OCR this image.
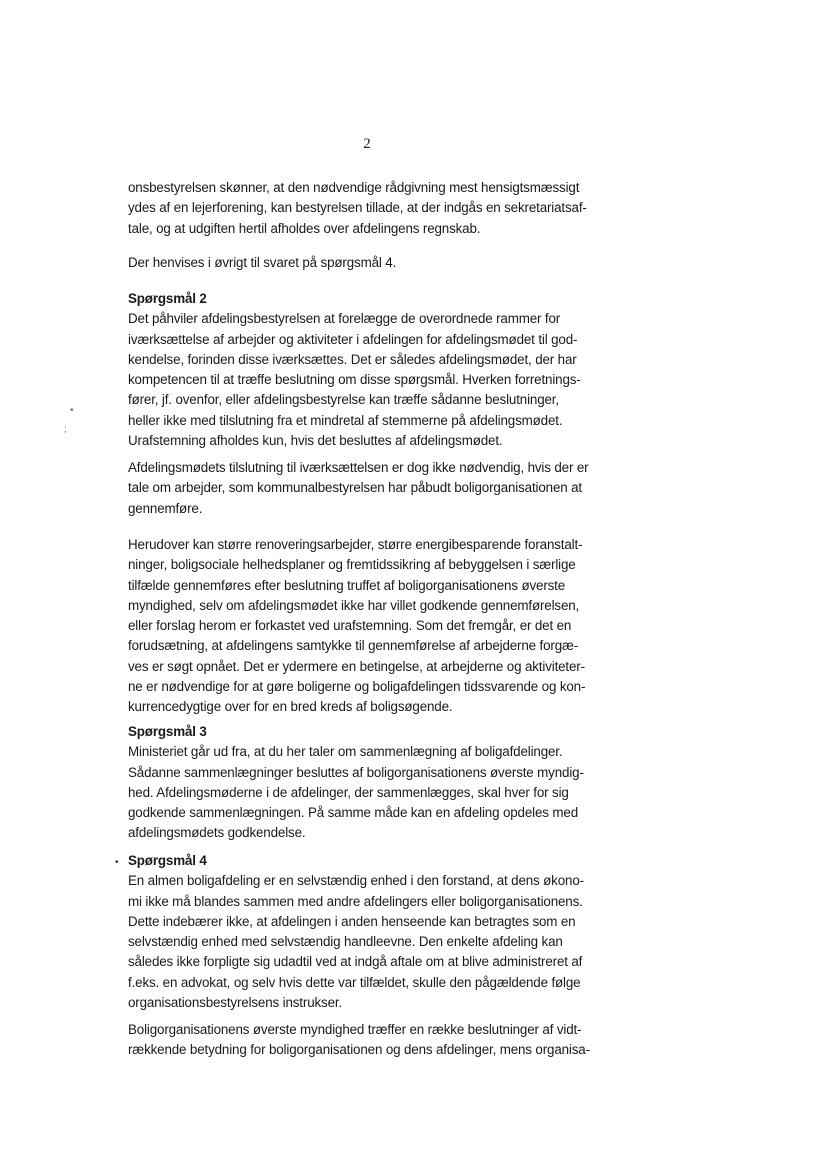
2
onsbestyrelsen skønner, at den nødvendige rådgivning mest hensigtsmæssigt
ydes af en lejerforening, kan bestyrelsen tillade, at der indgås en sekretariatsaf-
tale, og at udgiften hertil afholdes over afdelingens regnskab.
Der henvises i øvrigt til svaret på spørgsmål 4.
Spørgsmål 2
Det påhviler afdelingsbestyrelsen at forelægge de overordnede rammer for
iværksættelse af arbejder og aktiviteter i afdelingen for afdelingsmødet til god-
kendelse, forinden disse iværksættes. Det er således afdelingsmødet, der har
kompetencen til at træffe beslutning om disse spørgsmål. Hverken forretnings-
fører, jf. ovenfor, eller afdelingsbestyrelse kan træffe sådanne beslutninger,
heller ikke med tilslutning fra et mindretal af stemmerne på afdelingsmødet.
Urafstemning afholdes kun, hvis det besluttes af afdelingsmødet.
Afdelingsmødets tilslutning til iværksættelsen er dog ikke nødvendig, hvis der er
tale om arbejder, som kommunalbestyrelsen har påbudt boligorganisationen at
gennemføre.
Herudover kan større renoveringsarbejder, større energibesparende foranstalt-
ninger, boligsociale helhedsplaner og fremtidssikring af bebyggelsen i særlige
tilfælde gennemføres efter beslutning truffet af boligorganisationens øverste
myndighed, selv om afdelingsmødet ikke har villet godkende gennemførelsen,
eller forslag herom er forkastet ved urafstemning. Som det fremgår, er det en
forudsætning, at afdelingens samtykke til gennemførelse af arbejderne forgæ-
ves er søgt opnået. Det er ydermere en betingelse, at arbejderne og aktiviteter-
ne er nødvendige for at gøre boligerne og boligafdelingen tidssvarende og kon-
kurrencedygtige over for en bred kreds af boligsøgende.
Spørgsmål 3
Ministeriet går ud fra, at du her taler om sammenlægning af boligafdelinger.
Sådanne sammenlægninger besluttes af boligorganisationens øverste myndig-
hed. Afdelingsmøderne i de afdelinger, der sammenlægges, skal hver for sig
godkende sammenlægningen. På samme måde kan en afdeling opdeles med
afdelingsmødets godkendelse.
Spørgsmål 4
En almen boligafdeling er en selvstændig enhed i den forstand, at dens økono-
mi ikke må blandes sammen med andre afdelingers eller boligorganisationens.
Dette indebærer ikke, at afdelingen i anden henseende kan betragtes som en
selvstændig enhed med selvstændig handleevne. Den enkelte afdeling kan
således ikke forpligte sig udadtil ved at indgå aftale om at blive administreret af
f.eks. en advokat, og selv hvis dette var tilfældet, skulle den pågældende følge
organisationsbestyrelsens instrukser.
Boligorganisationens øverste myndighed træffer en række beslutninger af vidt-
rækkende betydning for boligorganisationen og dens afdelinger, mens organisa-
•
;
•
